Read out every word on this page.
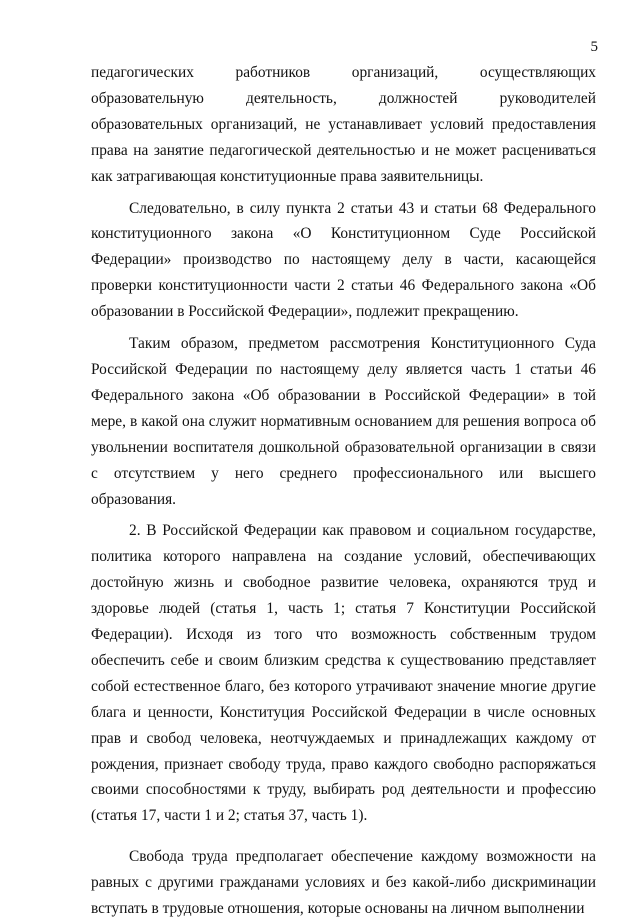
5

педагогических работников организаций, осуществляющих образовательную деятельность, должностей руководителей образовательных организаций, не устанавливает условий предоставления права на занятие педагогической деятельностью и не может расцениваться как затрагивающая конституционные права заявительницы.

Следовательно, в силу пункта 2 статьи 43 и статьи 68 Федерального конституционного закона «О Конституционном Суде Российской Федерации» производство по настоящему делу в части, касающейся проверки конституционности части 2 статьи 46 Федерального закона «Об образовании в Российской Федерации», подлежит прекращению.

Таким образом, предметом рассмотрения Конституционного Суда Российской Федерации по настоящему делу является часть 1 статьи 46 Федерального закона «Об образовании в Российской Федерации» в той мере, в какой она служит нормативным основанием для решения вопроса об увольнении воспитателя дошкольной образовательной организации в связи с отсутствием у него среднего профессионального или высшего образования.

2. В Российской Федерации как правовом и социальном государстве, политика которого направлена на создание условий, обеспечивающих достойную жизнь и свободное развитие человека, охраняются труд и здоровье людей (статья 1, часть 1; статья 7 Конституции Российской Федерации). Исходя из того что возможность собственным трудом обеспечить себе и своим близким средства к существованию представляет собой естественное благо, без которого утрачивают значение многие другие блага и ценности, Конституция Российской Федерации в числе основных прав и свобод человека, неотчуждаемых и принадлежащих каждому от рождения, признает свободу труда, право каждого свободно распоряжаться своими способностями к труду, выбирать род деятельности и профессию (статья 17, части 1 и 2; статья 37, часть 1).

Свобода труда предполагает обеспечение каждому возможности на равных с другими гражданами условиях и без какой-либо дискриминации вступать в трудовые отношения, которые основаны на личном выполнении
